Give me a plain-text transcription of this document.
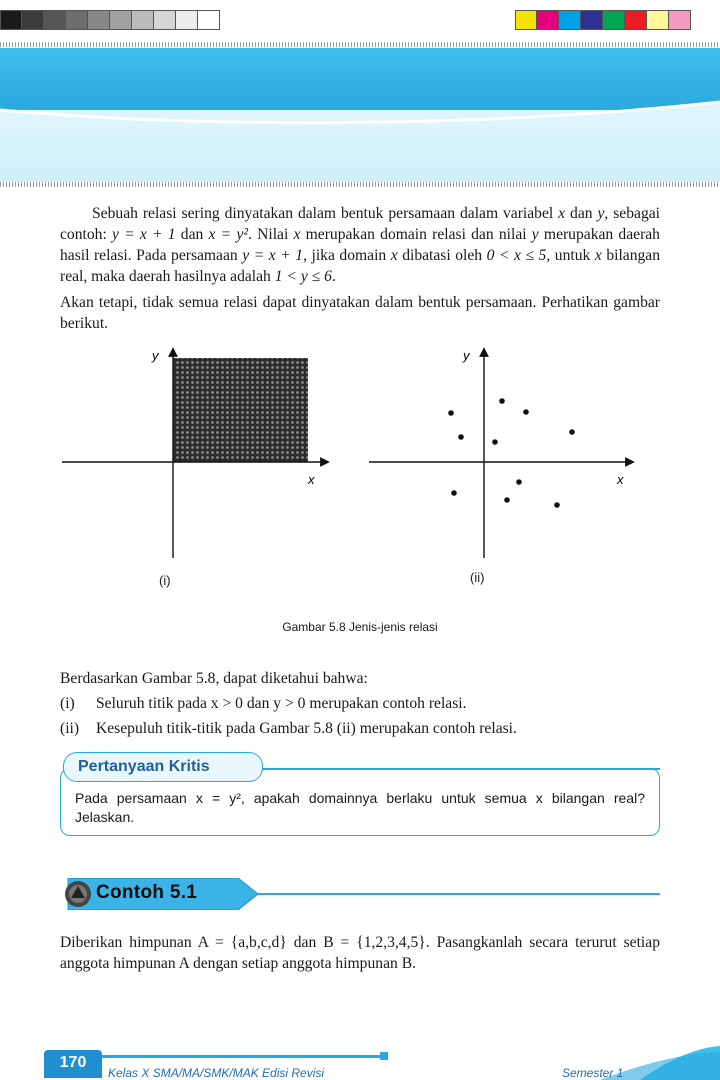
Sebuah relasi sering dinyatakan dalam bentuk persamaan dalam variabel x dan y, sebagai contoh: y = x + 1 dan x = y². Nilai x merupakan domain relasi dan nilai y merupakan daerah hasil relasi. Pada persamaan y = x + 1, jika domain x dibatasi oleh 0 < x ≤ 5, untuk x bilangan real, maka daerah hasilnya adalah 1 < y ≤ 6.

Akan tetapi, tidak semua relasi dapat dinyatakan dalam bentuk persamaan. Perhatikan gambar berikut.

y
x
(i)
y
x
(ii)
Gambar 5.8 Jenis-jenis relasi

Berdasarkan Gambar 5.8, dapat diketahui bahwa:

(i)	Seluruh titik pada x > 0 dan y > 0 merupakan contoh relasi.
(ii)	Kesepuluh titik-titik pada Gambar 5.8 (ii) merupakan contoh relasi.
Pertanyaan Kritis

Pada persamaan x = y², apakah domainnya berlaku untuk semua x bilangan real? Jelaskan.

Contoh 5.1

Diberikan himpunan A = {a,b,c,d} dan B = {1,2,3,4,5}. Pasangkanlah secara terurut setiap anggota himpunan A dengan setiap anggota himpunan B.

170
Kelas X SMA/MA/SMK/MAK Edisi Revisi	Semester 1
